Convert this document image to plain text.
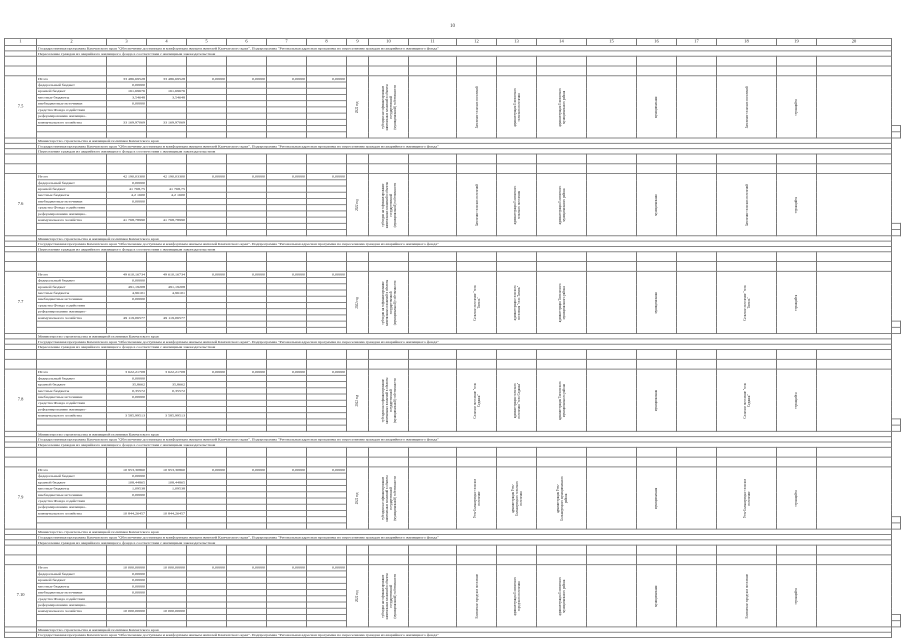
10
1	2	3	4	5	6	7	8	9	10	11	12	13	14	15	16	17	18	19	20	
	Государственная программа Камчатского края "Обеспечение доступным и комфортным жильем жителей Камчатского края". Подпрограмма "Регональная адресная программа по переселению граждан из аварийного жилищного фонда"																			
	Переселение граждан из аварийного жилищного фонда в соответствии с жилищным законодательством																			

7.5	Итого	33 486,69528	33 486,69528	0,00000	0,00000	0,00000	0,00000	2022 год	субсидии на софинансирование капитальных вложений в объекты государственной (муниципальной) собственности		Заселение сельских поселений	администрация Елизовского сельского поселения	администрация Елизовского муниципального района		муниципальная		Заселение сельских поселений	строящийся		

	федеральный бюджет	0,00000																		
	краевой бюджет	161,69676	161,69676																	
	местные бюджеты	3,54648	3,54648																	
	внебюджетные источники	0,00000																		
	средства Фонда содействия																			
	реформированию жилищно-																			
	коммунального хозяйства	33 169,97069	33 169,97069																	

	Министерство строительства и жилищной политики Камчатского края																			
	Государственная программа Камчатского края "Обеспечение доступным и комфортным жильем жителей Камчатского края". Подпрограмма "Регональная адресная программа по переселению граждан из аварийного жилищного фонда"																			
	Переселение граждан из аварийного жилищного фонда в соответствии с жилищным законодательством																			

7.6	Итого	42 190,03300	42 190,03300	0,00000	0,00000	0,00000	0,00000	2022 год	субсидии на софинансирование капитальных вложений в объекты государственной (муниципальной) собственности		Заселение сельских поселений	администрация Елизовского сельского поселения	администрация Елизовского муниципального района		муниципальная		Заселение сельских поселений	строящийся		

	федеральный бюджет	0,00000																		
	краевой бюджет	41 768,75	41 768,75																	
	местные бюджеты	4,2 1600	4,2 1600																	
	внебюджетные источники	0,00000																		
	средства Фонда содействия																			
	реформированию жилищно-																			
	коммунального хозяйства	41 768,78990	41 768,78990																	

	Министерство строительства и жилищной политики Камчатского края																			
	Государственная программа Камчатского края "Обеспечение доступным и комфортным жильем жителей Камчатского края". Подпрограмма "Регональная адресная программа по переселению граждан из аварийного жилищного фонда"																			
	Переселение граждан из аварийного жилищного фонда в соответствии с жилищным законодательством																			

7.7	Итого	49 610,16734	49 610,16734	0,00000	0,00000	0,00000	0,00000	2022 год	субсидии на софинансирование капитальных вложений в объекты государственной (муниципальной) собственности		Сельское поселение "село Тигиль"	администрация сельского поселения "село Тигиль"	администрация Тигильского муниципального района		муниципальная		Сельское поселение "село Тигиль"	строящийся		

	федеральный бюджет	0,00000																		
	краевой бюджет	491,19208	491,19208																	
	местные бюджеты	4,96101	4,96101																	
	внебюджетные источники	0,00000																		
	средства Фонда содействия																			
	реформированию жилищно-																			
	коммунального хозяйства	49 119,06577	49 119,06577																	

	Министерство строительства и жилищной политики Камчатского края																			
	Государственная программа Камчатского края "Обеспечение доступным и комфортным жильем жителей Камчатского края". Подпрограмма "Регональная адресная программа по переселению граждан из аварийного жилищного фонда"																			
	Переселение граждан из аварийного жилищного фонда в соответствии с жилищным законодательством																			

7.8	Итого	3 622,21708	3 622,21708	0,00000	0,00000	0,00000	0,00000	2022 год	субсидии на софинансирование капитальных вложений в объекты государственной (муниципальной) собственности		Сельское поселение "село Седанка"	администрация сельского поселения "село Седанка"	администрация Тигильского муниципального района		муниципальная		Сельское поселение "село Седанка"	строящийся		

	федеральный бюджет	0,00000																		
	краевой бюджет	35,8662	35,8662																	
	местные бюджеты	0,35572	0,35572																	
	внебюджетные источники	0,00000																		
	средства Фонда содействия																			
	реформированию жилищно-																			
	коммунального хозяйства	3 585,99513	3 585,99513																	

	Министерство строительства и жилищной политики Камчатского края																			
	Государственная программа Камчатского края "Обеспечение доступным и комфортным жильем жителей Камчатского края". Подпрограмма "Регональная адресная программа по переселению граждан из аварийного жилищного фонда"																			
	Переселение граждан из аварийного жилищного фонда в соответствии с жилищным законодательством																			

7.9	Итого	10 953,30860	10 953,30860	0,00000	0,00000	0,00000	0,00000	2022 год	субсидии на софинансирование капитальных вложений в объекты государственной (муниципальной) собственности		Усть-Большерецкое сельское поселение	администрация Усть-Большерецкого сельского поселения	администрация Усть-Большерецкого муниципального района		муниципальная		Усть-Большерецкое сельское поселение	строящийся		

	федеральный бюджет	0,00000																		
	краевой бюджет	108,44865	108,44865																	
	местные бюджеты	1,09538	1,09538																	
	внебюджетные источники	0,00000																		
	средства Фонда содействия																			
	реформированию жилищно-																			
	коммунального хозяйства	10 844,26457	10 844,26457																	

	Министерство строительства и жилищной политики Камчатского края																			
	Государственная программа Камчатского края "Обеспечение доступным и комфортным жильем жителей Камчатского края". Подпрограмма "Регональная адресная программа по переселению граждан из аварийного жилищного фонда"																			
	Переселение граждан из аварийного жилищного фонда в соответствии с жилищным законодательством																			

7.10	Итого	10 000,00000	10 000,00000	0,00000	0,00000	0,00000	0,00000	2022 год	субсидии на софинансирование капитальных вложений в объекты государственной (муниципальной) собственности		Елизовское городское поселение	администрация Елизовского городского поселения	администрация Елизовского муниципального района		муниципальная		Елизовское городское поселение	строящийся		

	федеральный бюджет	0,00000																		
	краевой бюджет	0,00000																		
	местные бюджеты	0,00000																		
	внебюджетные источники	0,00000																		
	средства Фонда содействия																			
	реформированию жилищно-																			
	коммунального хозяйства	10 000,00000	10 000,00000																	

	Министерство строительства и жилищной политики Камчатского края																			
	Государственная программа Камчатского края "Обеспечение доступным и комфортным жильем жителей Камчатского края". Подпрограмма "Регональная адресная программа по переселению граждан из аварийного жилищного фонда"																			
